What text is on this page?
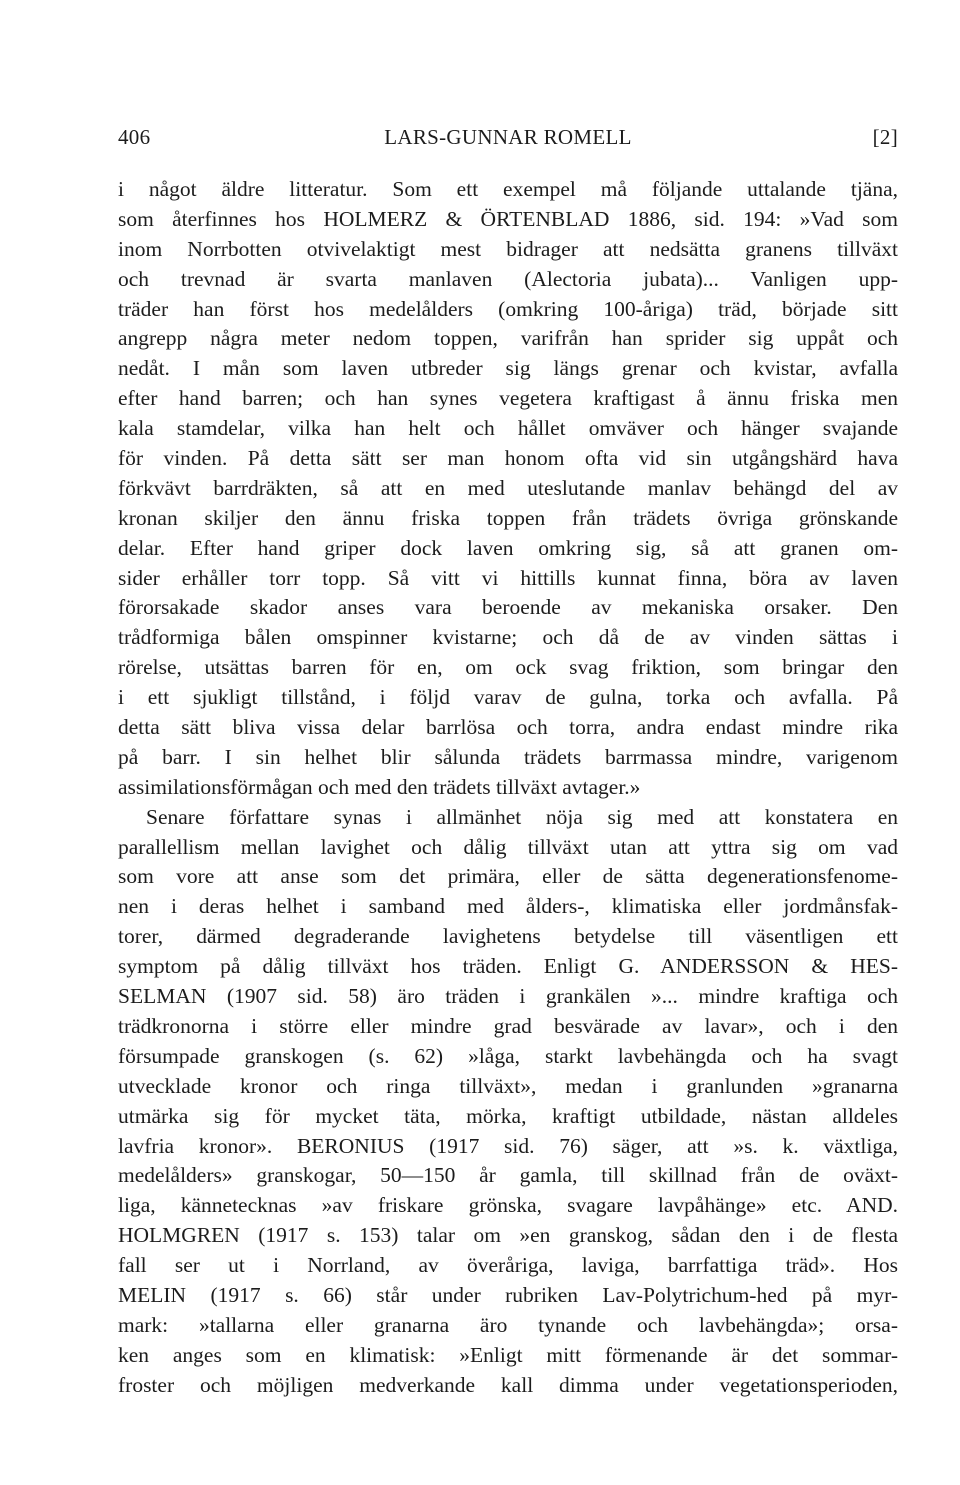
406	LARS-GUNNAR ROMELL	[2]
i något äldre litteratur. Som ett exempel må följande uttalande tjäna,
som återfinnes hos HOLMERZ & ÖRTENBLAD 1886, sid. 194: »Vad som
inom Norrbotten otvivelaktigt mest bidrager att nedsätta granens tillväxt
och trevnad är svarta manlaven (Alectoria jubata)... Vanligen upp-
träder han först hos medelålders (omkring 100-åriga) träd, började sitt
angrepp några meter nedom toppen, varifrån han sprider sig uppåt och
nedåt. I mån som laven utbreder sig längs grenar och kvistar, avfalla
efter hand barren; och han synes vegetera kraftigast å ännu friska men
kala stamdelar, vilka han helt och hållet omväver och hänger svajande
för vinden. På detta sätt ser man honom ofta vid sin utgångshärd hava
förkvävt barrdräkten, så att en med uteslutande manlav behängd del av
kronan skiljer den ännu friska toppen från trädets övriga grönskande
delar. Efter hand griper dock laven omkring sig, så att granen om-
sider erhåller torr topp. Så vitt vi hittills kunnat finna, böra av laven
förorsakade skador anses vara beroende av mekaniska orsaker. Den
trådformiga bålen omspinner kvistarne; och då de av vinden sättas i
rörelse, utsättas barren för en, om ock svag friktion, som bringar den
i ett sjukligt tillstånd, i följd varav de gulna, torka och avfalla. På
detta sätt bliva vissa delar barrlösa och torra, andra endast mindre rika
på barr. I sin helhet blir sålunda trädets barrmassa mindre, varigenom
assimilationsförmågan och med den trädets tillväxt avtager.»
Senare författare synas i allmänhet nöja sig med att konstatera en
parallellism mellan lavighet och dålig tillväxt utan att yttra sig om vad
som vore att anse som det primära, eller de sätta degenerationsfenome-
nen i deras helhet i samband med ålders-, klimatiska eller jordmånsfak-
torer, därmed degraderande lavighetens betydelse till väsentligen ett
symptom på dålig tillväxt hos träden. Enligt G. ANDERSSON & HES-
SELMAN (1907 sid. 58) äro träden i grankälen »... mindre kraftiga och
trädkronorna i större eller mindre grad besvärade av lavar», och i den
försumpade granskogen (s. 62) »låga, starkt lavbehängda och ha svagt
utvecklade kronor och ringa tillväxt», medan i granlunden »granarna
utmärka sig för mycket täta, mörka, kraftigt utbildade, nästan alldeles
lavfria kronor». BERONIUS (1917 sid. 76) säger, att »s. k. växtliga,
medelålders» granskogar, 50—150 år gamla, till skillnad från de oväxt-
liga, kännetecknas »av friskare grönska, svagare lavpåhänge» etc. AND.
HOLMGREN (1917 s. 153) talar om »en granskog, sådan den i de flesta
fall ser ut i Norrland, av överåriga, laviga, barrfattiga träd». Hos
MELIN (1917 s. 66) står under rubriken Lav-Polytrichum-hed på myr-
mark: »tallarna eller granarna äro tynande och lavbehängda»; orsa-
ken anges som en klimatisk: »Enligt mitt förmenande är det sommar-
froster och möjligen medverkande kall dimma under vegetationsperioden,
